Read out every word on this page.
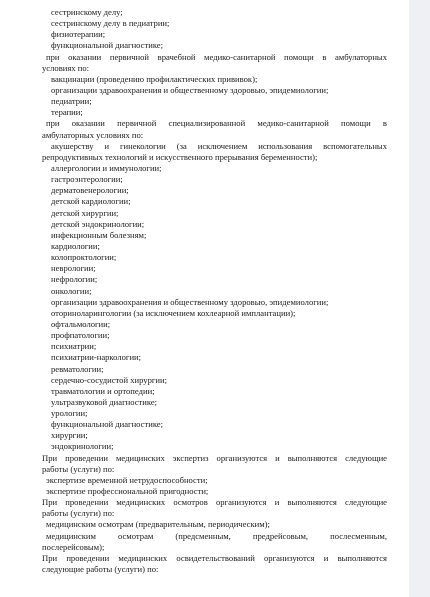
сестринскому делу;
сестринскому делу в педиатрии;
физиотерапии;
функциональной диагностике;
при оказании первичной врачебной медико-санитарной помощи в амбулаторных
условиях по:
вакцинации (проведению профилактических прививок);
организации здравоохранения и общественному здоровью, эпидемиологии;
педиатрии;
терапии;
при оказании первичной специализированной медико-санитарной помощи в
амбулаторных условиях по:
акушерству и гинекологии (за исключением использования вспомогательных
репродуктивных технологий и искусственного прерывания беременности);
аллергологии и иммунологии;
гастроэнтерологии;
дерматовенерологии;
детской кардиологии;
детской хирургии;
детской эндокринологии;
инфекционным болезням;
кардиологии;
колопроктологии;
неврологии;
нефрологии;
онкологии;
организации здравоохранения и общественному здоровью, эпидемиологии;
оториноларингологии (за исключением кохлеарной имплантации);
офтальмологии;
профпатологии;
психиатрии;
психиатрии-наркологии;
ревматологии;
сердечно-сосудистой хирургии;
травматологии и ортопедии;
ультразвуковой диагностике;
урологии;
функциональной диагностике;
хирургии;
эндокринологии;
При проведении медицинских экспертиз организуются и выполняются следующие
работы (услуги) по:
экспертизе временной нетрудоспособности;
экспертизе профессиональной пригодности;
При проведении медицинских осмотров организуются и выполняются следующие
работы (услуги) по:
медицинским осмотрам (предварительным, периодическим);
медицинским осмотрам (предсменным, предрейсовым, послесменным,
послерейсовым);
При проведении медицинских освидетельствований организуются и выполняются
следующие работы (услуги) по:
